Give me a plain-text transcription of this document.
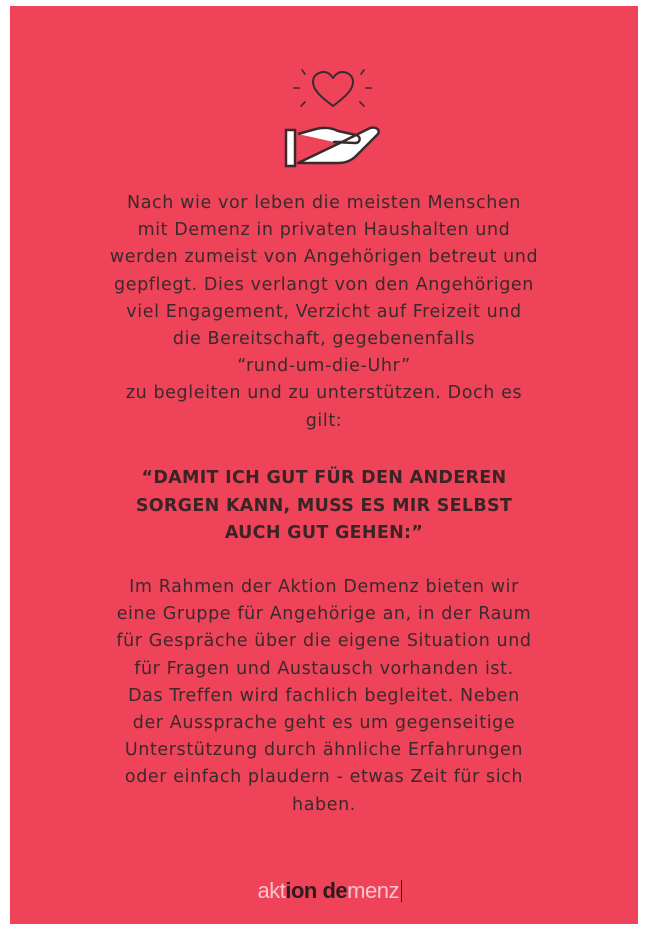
Nach wie vor leben die meisten Menschen
mit Demenz in privaten Haushalten und
werden zumeist von Angehörigen betreut und
gepflegt. Dies verlangt von den Angehörigen
viel Engagement, Verzicht auf Freizeit und
die Bereitschaft, gegebenenfalls
“rund-um-die-Uhr”
zu begleiten und zu unterstützen. Doch es
gilt:
“DAMIT ICH GUT FÜR DEN ANDEREN
SORGEN KANN, MUSS ES MIR SELBST
AUCH GUT GEHEN:”
Im Rahmen der Aktion Demenz bieten wir
eine Gruppe für Angehörige an, in der Raum
für Gespräche über die eigene Situation und
für Fragen und Austausch vorhanden ist.
Das Treffen wird fachlich begleitet. Neben
der Aussprache geht es um gegenseitige
Unterstützung durch ähnliche Erfahrungen
oder einfach plaudern - etwas Zeit für sich
haben.
aktion demenz
